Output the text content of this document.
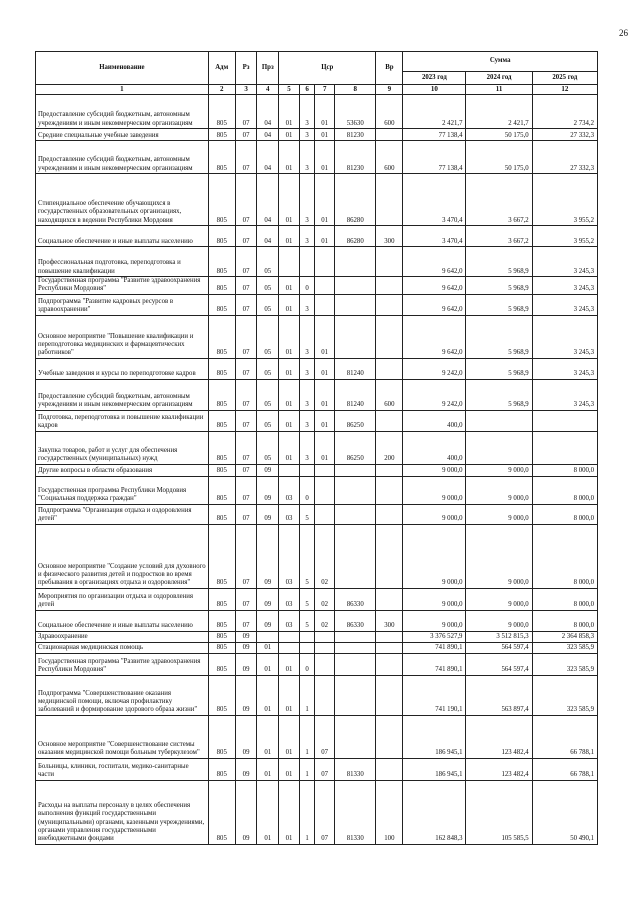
26
Наименование	Адм	Рз	Прз	Цср				Вр	Сумма		
									2023 год	2024 год	2025 год
1	2	3	4	5	6	7	8	9	10	11	12
Предоставление субсидий бюджетным, автономным учреждениям и иным некоммерческим организациям	805	07	04	01	3	01	53630	600	2 421,7	2 421,7	2 734,2
Средние специальные учебные заведения	805	07	04	01	3	01	81230		77 138,4	50 175,0	27 332,3
Предоставление субсидий бюджетным, автономным учреждениям и иным некоммерческим организациям	805	07	04	01	3	01	81230	600	77 138,4	50 175,0	27 332,3
Стипендиальное обеспечение обучающихся в государственных образовательных организациях, находящихся в ведении Республики Мордовия	805	07	04	01	3	01	86280		3 470,4	3 667,2	3 955,2
Социальное обеспечение и иные выплаты населению	805	07	04	01	3	01	86280	300	3 470,4	3 667,2	3 955,2
Профессиональная подготовка, переподготовка и повышение квалификации	805	07	05						9 642,0	5 968,9	3 245,3
Государственная программа "Развитие здравоохранения Республики Мордовия"	805	07	05	01	0				9 642,0	5 968,9	3 245,3
Подпрограмма "Развитие кадровых ресурсов в здравоохранении"	805	07	05	01	3				9 642,0	5 968,9	3 245,3
Основное мероприятие "Повышение квалификации и переподготовка медицинских и фармацевтических работников"	805	07	05	01	3	01			9 642,0	5 968,9	3 245,3
Учебные заведения и курсы по переподготовке кадров	805	07	05	01	3	01	81240		9 242,0	5 968,9	3 245,3
Предоставление субсидий бюджетным, автономным учреждениям и иным некоммерческим организациям	805	07	05	01	3	01	81240	600	9 242,0	5 968,9	3 245,3
Подготовка, переподготовка и повышение квалификации кадров	805	07	05	01	3	01	86250		400,0		
Закупка товаров, работ и услуг для обеспечения государственных (муниципальных) нужд	805	07	05	01	3	01	86250	200	400,0		
Другие вопросы в области образования	805	07	09						9 000,0	9 000,0	8 000,0
Государственная программа Республики Мордовия "Социальная поддержка граждан"	805	07	09	03	0				9 000,0	9 000,0	8 000,0
Подпрограмма "Организация отдыха и оздоровления детей"	805	07	09	03	5				9 000,0	9 000,0	8 000,0
Основное мероприятие "Создание условий для духовного и физического развития детей и подростков во время пребывания в организациях отдыха и оздоровления"	805	07	09	03	5	02			9 000,0	9 000,0	8 000,0
Мероприятия по организации отдыха и оздоровления детей	805	07	09	03	5	02	86330		9 000,0	9 000,0	8 000,0
Социальное обеспечение и иные выплаты населению	805	07	09	03	5	02	86330	300	9 000,0	9 000,0	8 000,0
Здравоохранение	805	09							3 376 527,9	3 512 815,3	2 364 858,3
Стационарная медицинская помощь	805	09	01						741 890,1	564 597,4	323 585,9
Государственная программа "Развитие здравоохранения Республики Мордовия"	805	09	01	01	0				741 890,1	564 597,4	323 585,9
Подпрограмма "Совершенствование оказания медицинской помощи, включая профилактику заболеваний и формирование здорового образа жизни"	805	09	01	01	1				741 190,1	563 897,4	323 585,9
Основное мероприятие "Совершенствование системы оказания медицинской помощи больным туберкулезом"	805	09	01	01	1	07			186 945,1	123 482,4	66 788,1
Больницы, клиники, госпитали, медико-санитарные части	805	09	01	01	1	07	81330		186 945,1	123 482,4	66 788,1
Расходы на выплаты персоналу в целях обеспечения выполнения функций государственными (муниципальными) органами, казенными учреждениями, органами управления государственными внебюджетными фондами	805	09	01	01	1	07	81330	100	162 848,3	105 585,5	50 490,1
